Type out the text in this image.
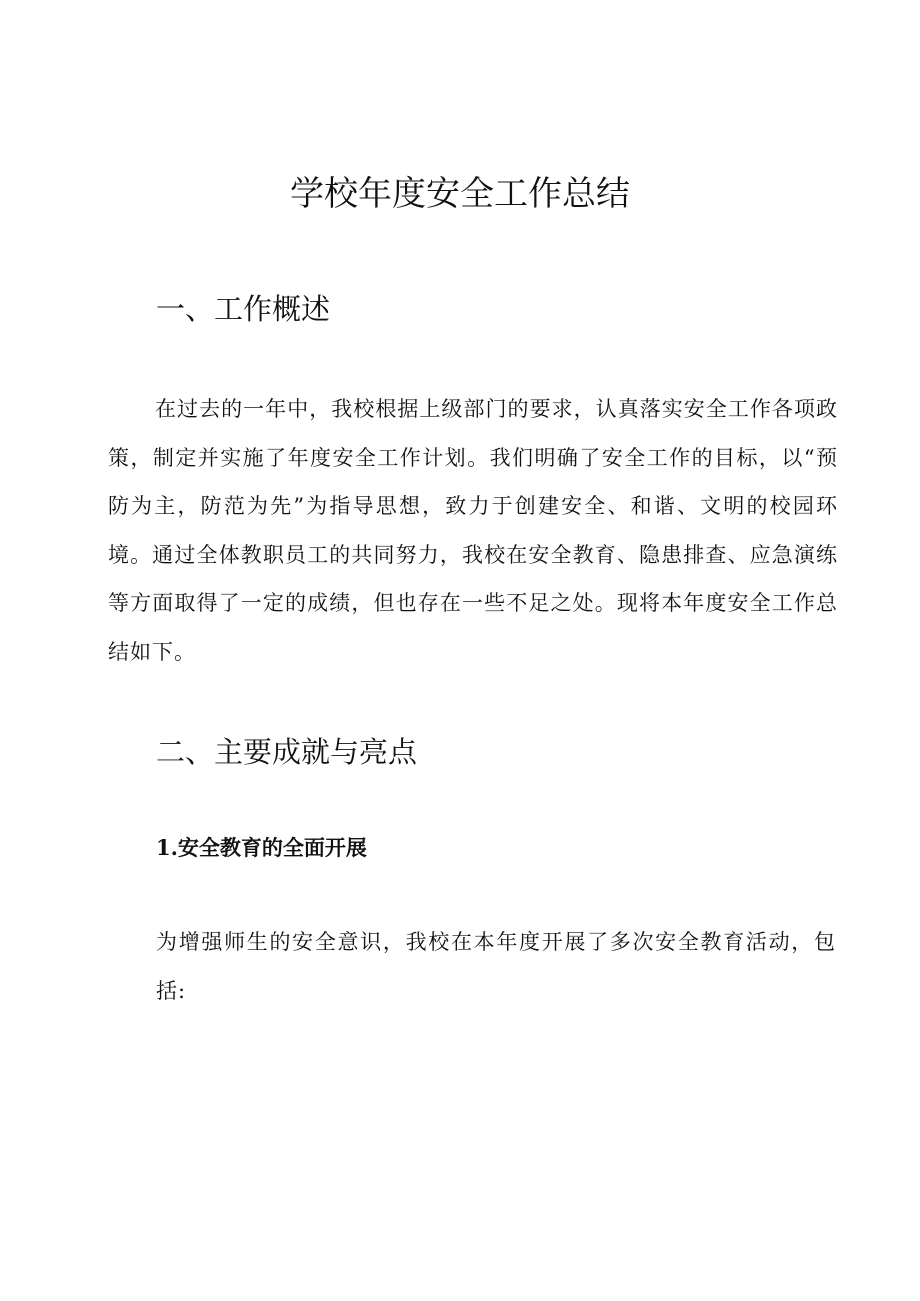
学校年度安全工作总结
一、工作概述

在过去的一年中，我校根据上级部门的要求，认真落实安全工作各项政策，制定并实施了年度安全工作计划。我们明确了安全工作的目标，以“预防为主，防范为先”为指导思想，致力于创建安全、和谐、文明的校园环境。通过全体教职员工的共同努力，我校在安全教育、隐患排查、应急演练等方面取得了一定的成绩，但也存在一些不足之处。现将本年度安全工作总结如下。

二、主要成就与亮点
1.安全教育的全面开展

为增强师生的安全意识，我校在本年度开展了多次安全教育活动，包括:
